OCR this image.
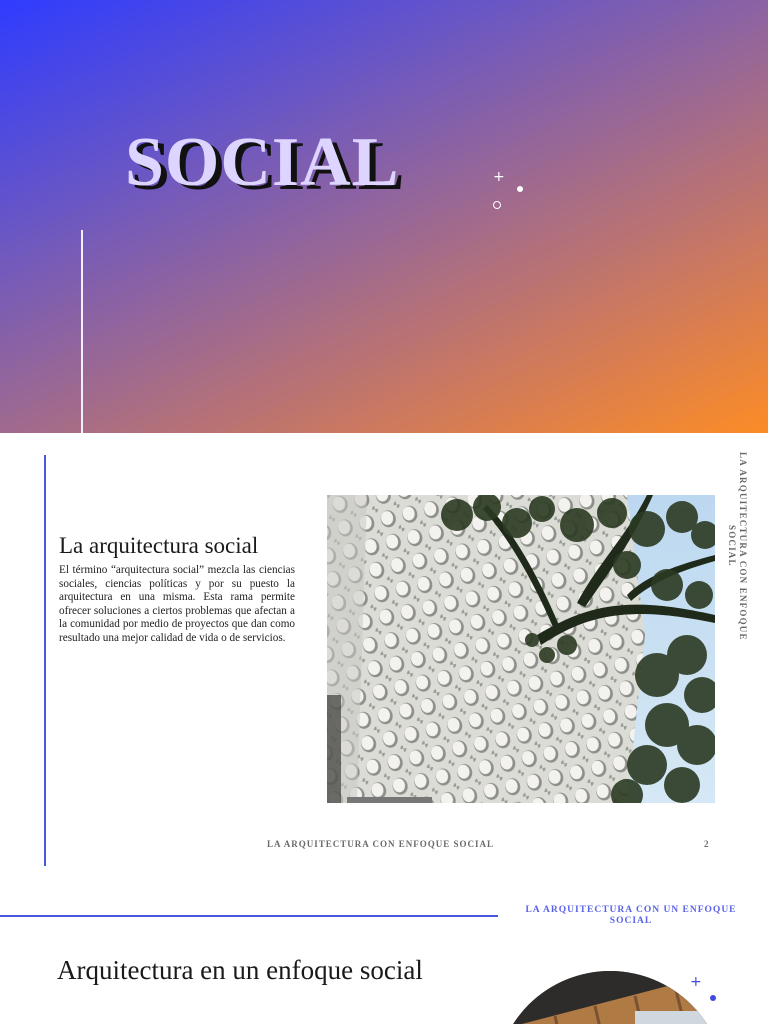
SOCIAL	+
La arquitectura social

El término “arquitectura social” mezcla las ciencias sociales, ciencias políticas y por su puesto la arquitectura en una misma. Esta rama permite ofrecer soluciones a ciertos problemas que afectan a la comunidad por medio de proyectos que dan como resultado una mejor calidad de vida o de servicios.	LA ARQUITECTURA CON ENFOQUE SOCIAL
LA ARQUITECTURA CON ENFOQUE SOCIAL	2
LA ARQUITECTURA CON UN ENFOQUE SOCIAL
Arquitectura en un enfoque social	+
